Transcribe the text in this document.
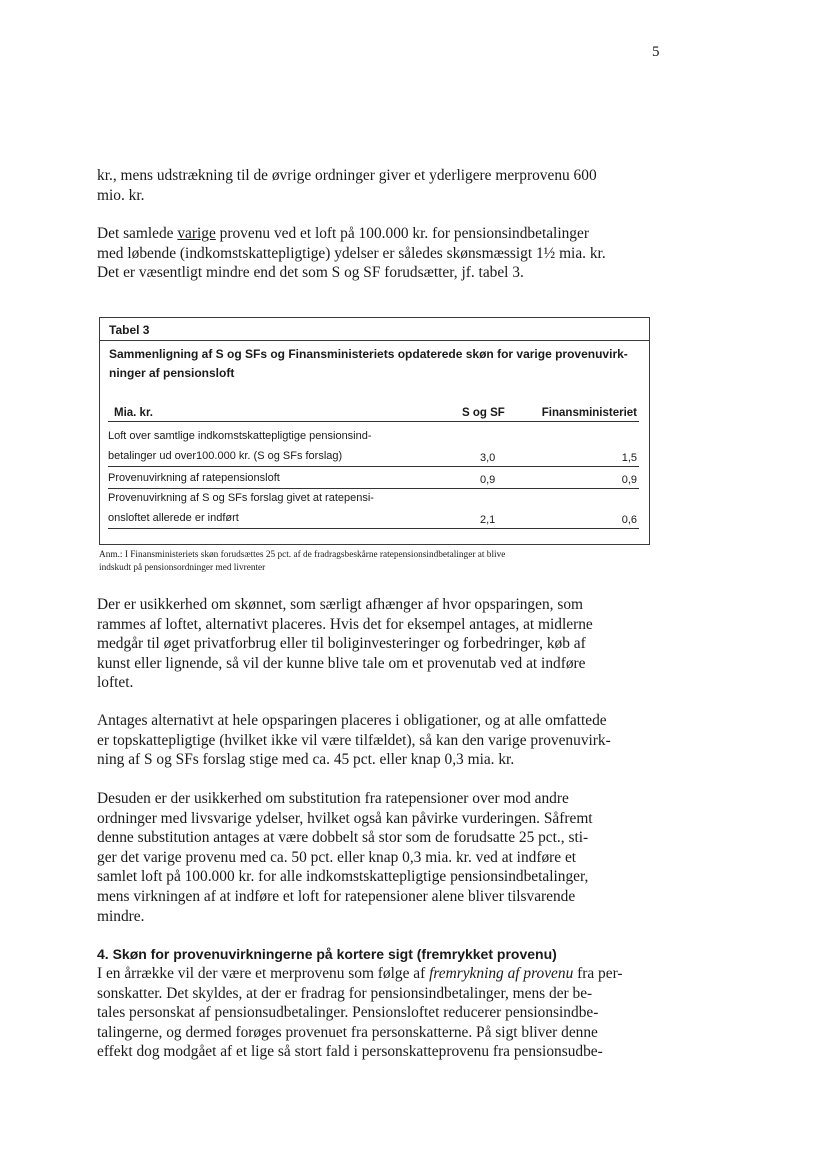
5

kr., mens udstrækning til de øvrige ordninger giver et yderligere merprovenu 600
mio. kr.

Det samlede varige provenu ved et loft på 100.000 kr. for pensionsindbetalinger
med løbende (indkomstskattepligtige) ydelser er således skønsmæssigt 1½ mia. kr.
Det er væsentligt mindre end det som S og SF forudsætter, jf. tabel 3.

Tabel 3
Sammenligning af S og SFs og Finansministeriets opdaterede skøn for varige provenuvirk-
ninger af pensionsloft
Mia. kr.	S og SF	Finansministeriet
Loft over samtlige indkomstskattepligtige pensionsind-
betalinger ud over100.000 kr. (S og SFs forslag)	3,0	1,5
Provenuvirkning af ratepensionsloft	0,9	0,9
Provenuvirkning af S og SFs forslag givet at ratepensi-
onsloftet allerede er indført	2,1	0,6
Anm.: I Finansministeriets skøn forudsættes 25 pct. af de fradragsbeskårne ratepensionsindbetalinger at blive
indskudt på pensionsordninger med livrenter

Der er usikkerhed om skønnet, som særligt afhænger af hvor opsparingen, som
rammes af loftet, alternativt placeres. Hvis det for eksempel antages, at midlerne
medgår til øget privatforbrug eller til boliginvesteringer og forbedringer, køb af
kunst eller lignende, så vil der kunne blive tale om et provenutab ved at indføre
loftet.

Antages alternativt at hele opsparingen placeres i obligationer, og at alle omfattede
er topskattepligtige (hvilket ikke vil være tilfældet), så kan den varige provenuvirk-
ning af S og SFs forslag stige med ca. 45 pct. eller knap 0,3 mia. kr.

Desuden er der usikkerhed om substitution fra ratepensioner over mod andre
ordninger med livsvarige ydelser, hvilket også kan påvirke vurderingen. Såfremt
denne substitution antages at være dobbelt så stor som de forudsatte 25 pct., sti-
ger det varige provenu med ca. 50 pct. eller knap 0,3 mia. kr. ved at indføre et
samlet loft på 100.000 kr. for alle indkomstskattepligtige pensionsindbetalinger,
mens virkningen af at indføre et loft for ratepensioner alene bliver tilsvarende
mindre.

4. Skøn for provenuvirkningerne på kortere sigt (fremrykket provenu)

I en årrække vil der være et merprovenu som følge af fremrykning af provenu fra per-
sonskatter. Det skyldes, at der er fradrag for pensionsindbetalinger, mens der be-
tales personskat af pensionsudbetalinger. Pensionsloftet reducerer pensionsindbe-
talingerne, og dermed forøges provenuet fra personskatterne. På sigt bliver denne
effekt dog modgået af et lige så stort fald i personskatteprovenu fra pensionsudbe-
